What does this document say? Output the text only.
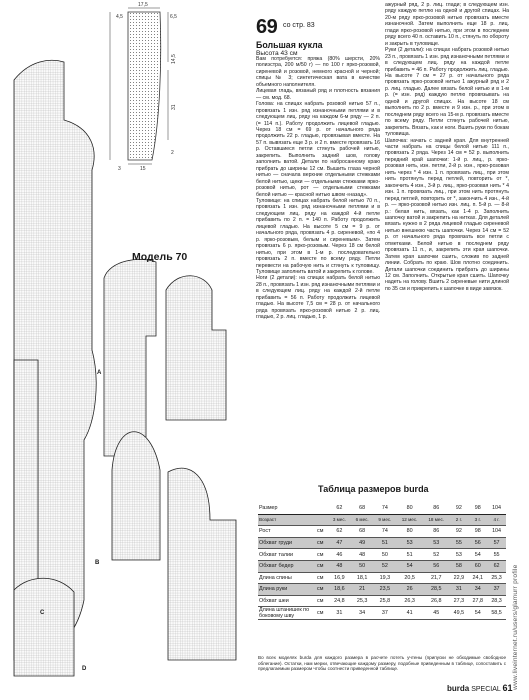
17,5
4,5	6,5
14,5
31
2
3	15
Модель 70
A
B
C
D
69 со стр. 83
Большая кукла
Высота 43 см

Вам потребуется: пряжа (80% шерсти, 20% полиэстра, 200 м/50 г) — по 100 г ярко-розовой, сиреневой и розовой, немного красной и черной; спицы № 3; синтетическая вата в качестве объемного наполнителя.

Лицевая гладь, вязаный ряд и плотность вязания — см. мод. 68.

Голова: на спицах набрать розовой нитью 57 п., провязать 1 изн. ряд изнаночными петлями и в следующем лиц. ряду на каждом 6-м ряду — 2 п. (= 114 п.). Работу продолжить лицевой гладью. Через 18 см = 69 р. от начального ряда продолжить 22 р. гладью, провязывая вместе. На 57 п. вывязать еще 3 р. и 2 п. вместе провязать 16 р. Оставшиеся петли стянуть рабочей нитью, закрепить. Выполнить задний шов, голову заполнить ватой. Детали по набросанному краю прибрать до ширины 12 см. Вышить глаза черной нитью — сначала верхние отдельными стежками белой нитью, щеки — отдельными стежками ярко-розовой нитью, рот — отдельными стежками белой нитью — красной нитью швом «назад».

Туловище: на спицах набрать белой нитью 70 п., провязать 1 изн. ряд изнаночными петлями и в следующем лиц. ряду на каждой 4-й петле прибавить по 2 п. = 140 п. Работу продолжить лицевой гладью. На высоте 5 см = 9 р. от начального ряда, провязать 4 р. сиреневой, «по 4 р. ярко-розовым, белым и сиреневым». Затем провязать 6 р. ярко-розовым. Через 18 см белой нитью, при этом в 1-м р. последовательно провязать 2 п. вместе по всему ряду. Петли перевести на рабочую нить и стянуть к туловищу. Туловище заполнить ватой и закрепить к голове.

Ноги (2 детали): на спицах набрать белой нитью 28 п., провязать 1 изн. ряд изнаночными петлями и в следующем лиц. ряду на каждой 2-й петле прибавить = 56 п. Работу продолжить лицевой гладью. На высоте 7,5 см = 28 р. от начального ряда провязать ярко-розовой нитью 2 р. лиц. гладью, 2 р. лиц. гладью, 1 р.

ажурный ряд, 2 р. лиц. глади; в следующем изн. ряду каждую петлю на одной и другой спицах. На 20-м ряду ярко-розовой нитью провязать вместе изнаночной. Затем выполнить еще 18 р. лиц. глади ярко-розовой нитью, при этом в последнем ряду всего 40 п. оставить 10 п., стянуть по обороту и закрыть в туловище.

Руки (2 детали): на спицах набрать розовой нитью 23 п., провязать 1 изн. ряд изнаночными петлями и в следующем лиц. ряду на каждой петле прибавить = 46 п. Работу продолжить лиц. гладью. На высоте 7 см = 27 р. от начального ряда провязать ярко-розовой нитью 1 ажурный ряд и 2 р. лиц. гладью. Далее вязать белой нитью и в 1-м р. (= изн. ряд) каждую петлю провязывать на одной и другой спицах. На высоте 18 см выполнить по 2 р. вместе и 9 изн. р., при этом в последнем ряду всего на 15-м р. провязать вместе по всему ряду. Петли стянуть рабочей нитью, закрепить. Вязать, как и ноги. Вшить руки по бокам туловища.

Шапочка: начать с задней края. Для внутренней части набрать на спицы белой нитью 111 п., провязать 2 ряда. Через 14 см = 52 р. выполнить передний край шапочки: 1-й р. лиц., р. ярко-розовая нить, изн. петли, 2-й р. изн., ярко-розовая нить через * 4 изн. 1 п. провязать лиц., при этом нить протянуть перед петлей, повторить от *, закончить 4 изн., 3-й р. лиц., ярко-розовая нить * 4 изн. 1 п. провязать лиц., при этом нить протянуть перед петлей, повторить от *, закончить 4 изн., 4-й р. — ярко-розовой нитью изн. лиц. п. 5-й р. — 8-й р.: белая нить, вязать, как 1-4 р. Заполнить шапочку ватой и закрепить на нитках. Для деталей вязать нужно в 2 ряда лицевой гладью сиреневой нитью внешнюю часть шапочки. Через 14 см = 52 р. от начального ряда провязать все петли с отметками. Белой нитью в последнем ряду провязать 11 п., и, закрепить эти края шапочки. Затем края шапочки сшить, сложив по задней линии. Собрать по краю. Шов плотно соединить. Детали шапочки соединить прибрать до ширины 12 см. Заполнить. Открытые края сшить. Шапочку надеть на голову. Вшить 2 сиреневые нити длиной по 35 см и прикрепить к шапочке в виде завязок.

Таблица размеров burda
Размер		62	68	74	80	86	92	98	104
Возраст		3 мес.	6 мес.	9 мес.	12 мес.	18 мес.	2 г.	3 г.	4 г.
Рост	см	62	68	74	80	86	92	98	104
Обхват груди	см	47	49	51	53	53	55	56	57
Обхват талии	см	46	48	50	51	52	53	54	55
Обхват бедер	см	48	50	52	54	56	58	60	62
Длина спины	см	16,9	18,1	19,3	20,5	21,7	22,9	24,1	25,3
Длина руки	см	18,6	21	23,5	26	28,5	31	34	37
Обхват шеи	см	24,8	25,3	25,8	26,3	26,8	27,3	27,8	28,3
Длина штанишек по боковому шву	см	31	34	37	41	45	49,5	54	58,5
Во всех моделях burda для каждого размера в расчете потеть учтены (припуски не обходимые свободное облегание). Остатки, нам мерки, отвечающие каждому размеру, подобные приведенным в таблице, сопоставить с предлагаемым размером чтобы соотнести приведенной таблице.
burda SPECIAL 61 www.liveinternet.ru/users/glamurr profile
